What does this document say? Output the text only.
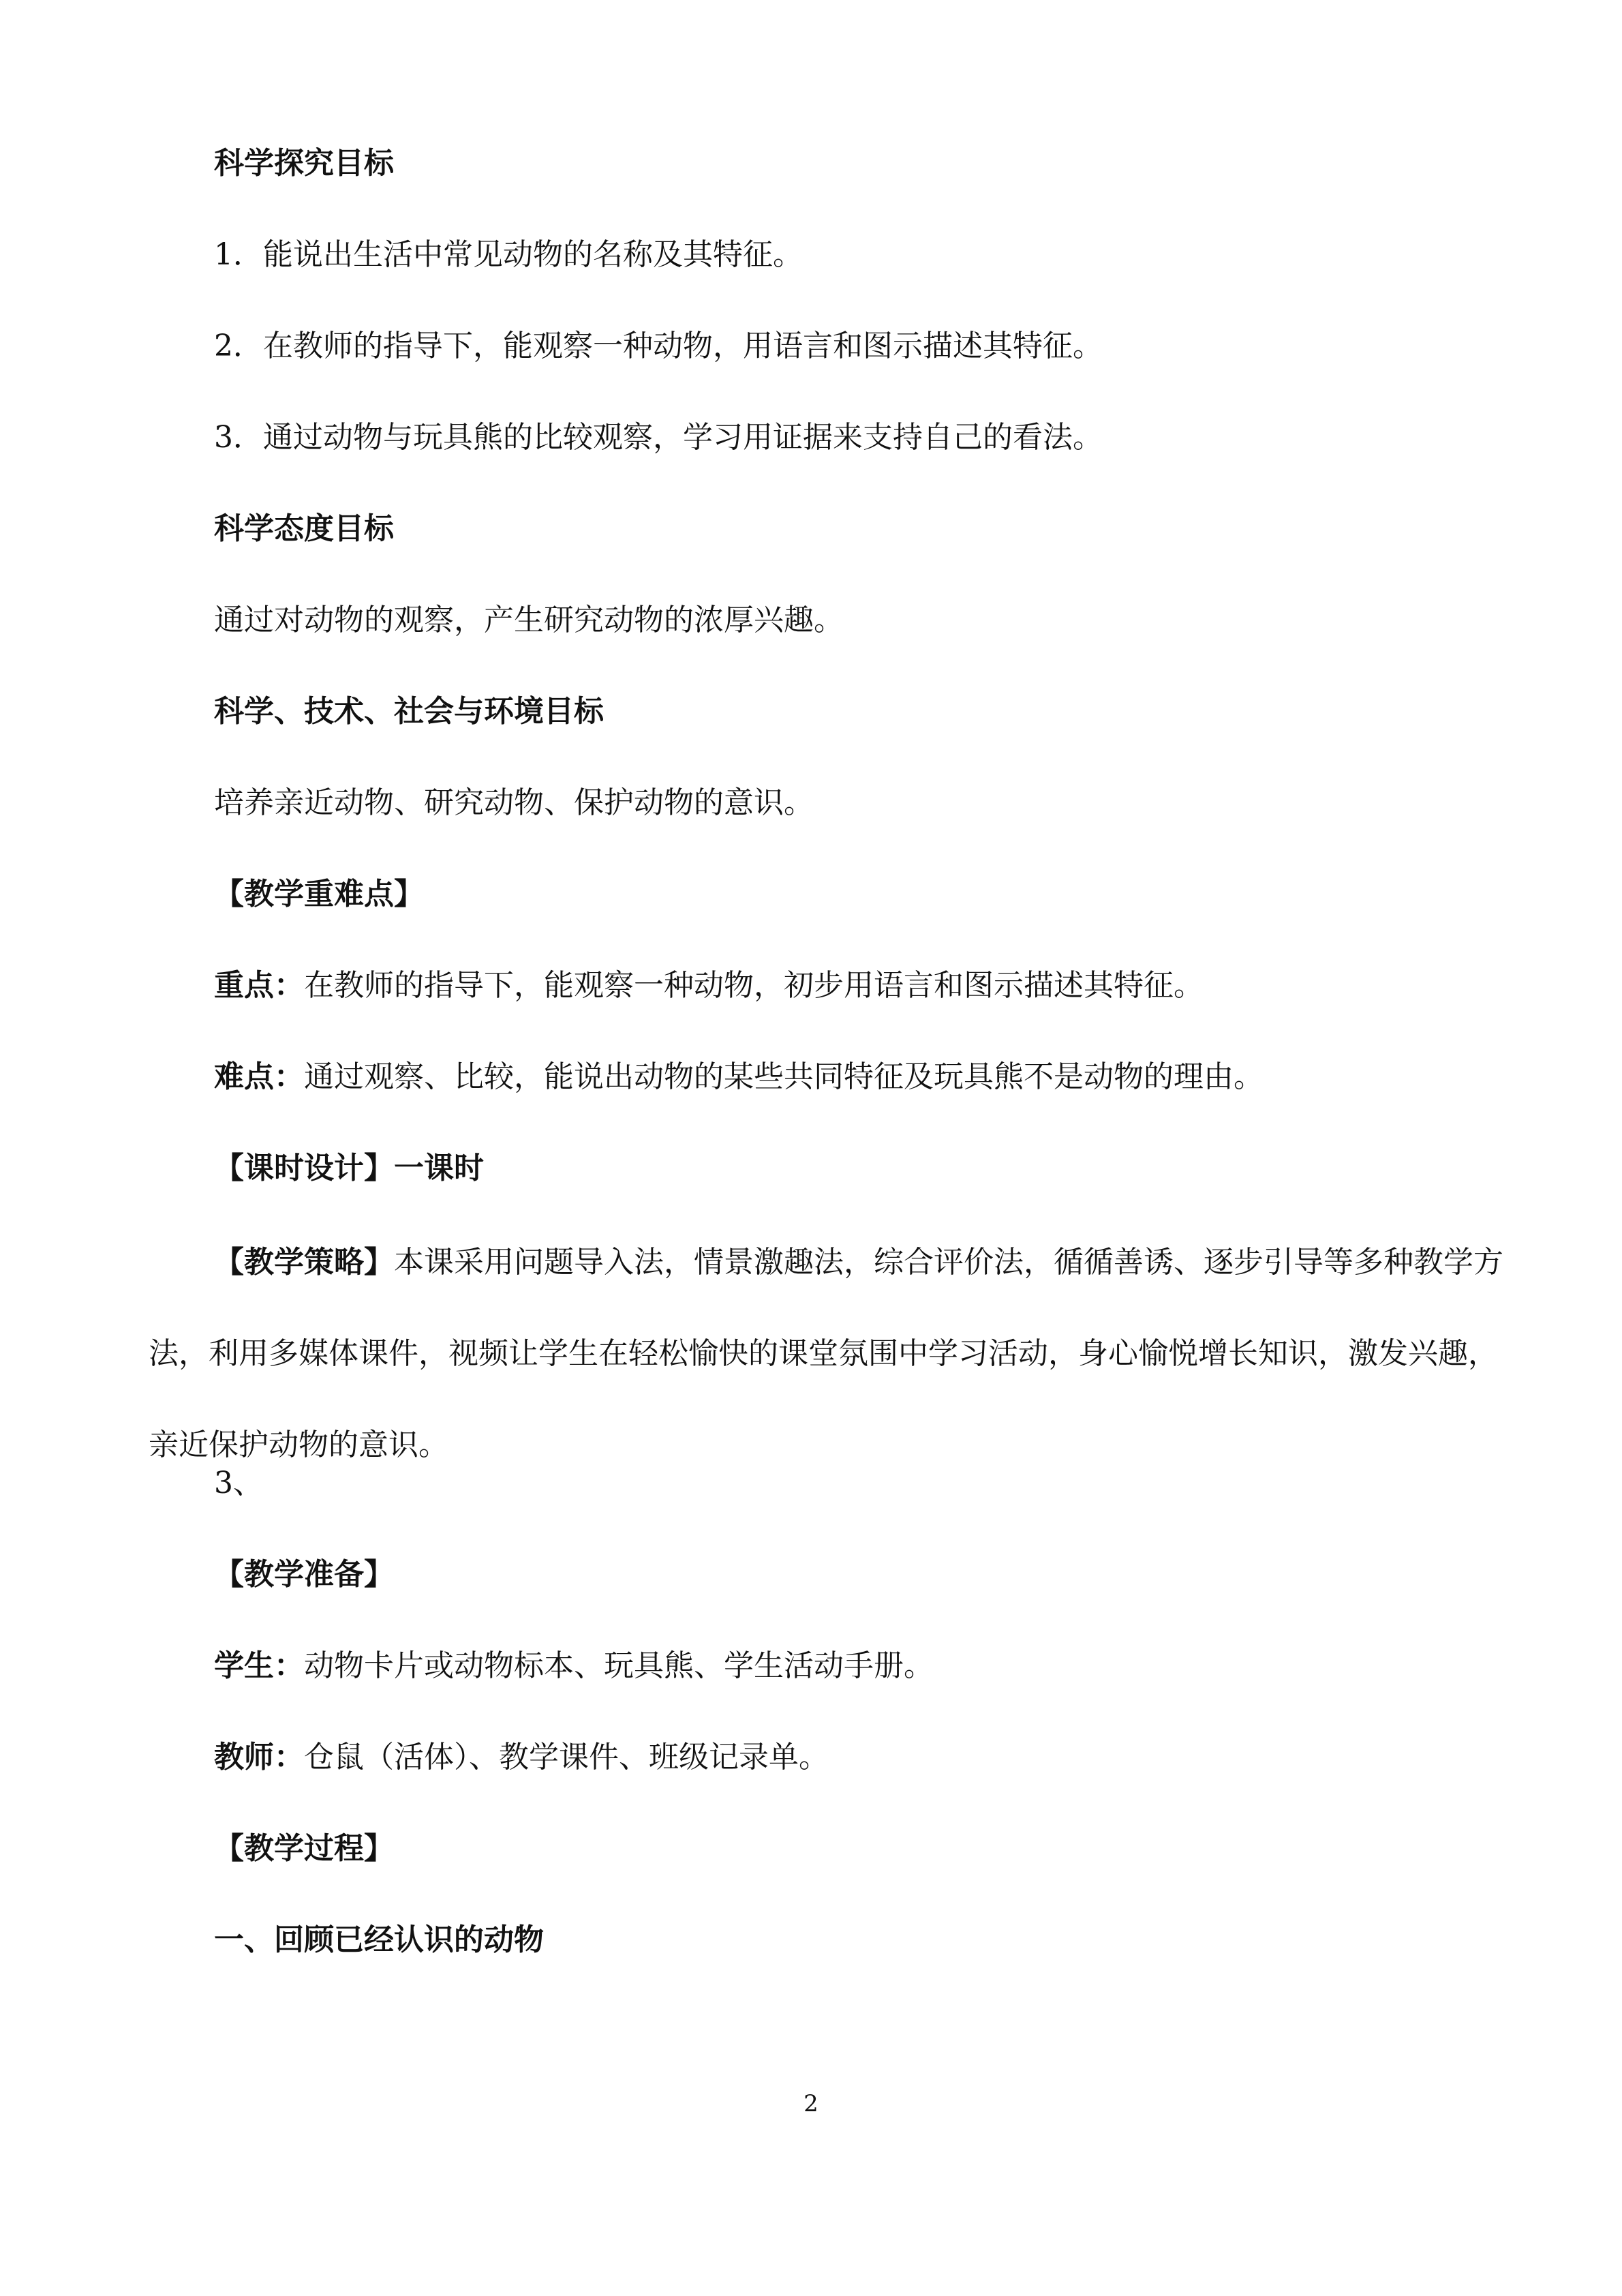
科学探究目标
1．能说出生活中常见动物的名称及其特征。
2．在教师的指导下，能观察一种动物，用语言和图示描述其特征。
3．通过动物与玩具熊的比较观察，学习用证据来支持自己的看法。
科学态度目标
通过对动物的观察，产生研究动物的浓厚兴趣。
科学、技术、社会与环境目标
培养亲近动物、研究动物、保护动物的意识。
【教学重难点】
重点：在教师的指导下，能观察一种动物，初步用语言和图示描述其特征。
难点：通过观察、比较，能说出动物的某些共同特征及玩具熊不是动物的理由。
【课时设计】一课时
【教学策略】本课采用问题导入法，情景激趣法，综合评价法，循循善诱、逐步引导等多种教学方法，利用多媒体课件，视频让学生在轻松愉快的课堂氛围中学习活动，身心愉悦增长知识，激发兴趣，亲近保护动物的意识。
3、
【教学准备】
学生：动物卡片或动物标本、玩具熊、学生活动手册。
教师：仓鼠（活体）、教学课件、班级记录单。
【教学过程】
一、回顾已经认识的动物
2
